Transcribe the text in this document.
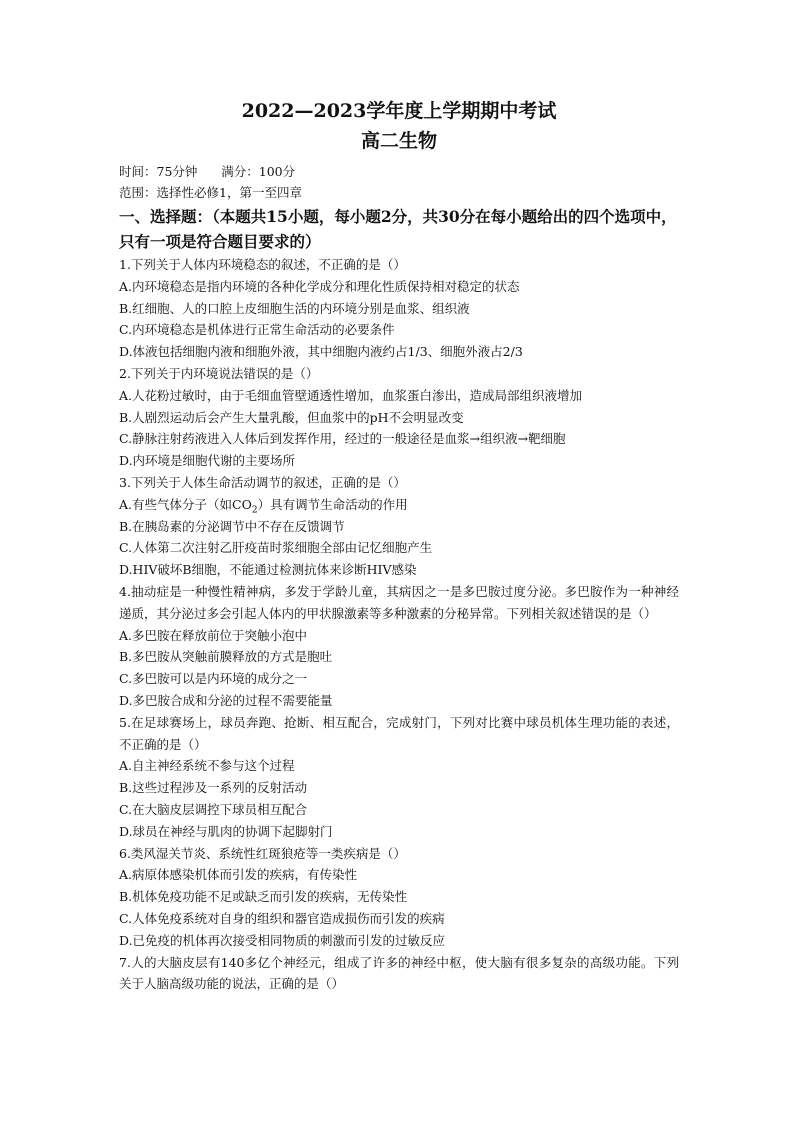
2022—2023学年度上学期期中考试

高二生物

时间：75分钟      满分：100分

范围：选择性必修1，第一至四章

一、选择题：（本题共15小题，每小题2分，共30分在每小题给出的四个选项中，只有一项是符合题目要求的）

1.下列关于人体内环境稳态的叙述，不正确的是（）

A.内环境稳态是指内环境的各种化学成分和理化性质保持相对稳定的状态

B.红细胞、人的口腔上皮细胞生活的内环境分别是血浆、组织液

C.内环境稳态是机体进行正常生命活动的必要条件

D.体液包括细胞内液和细胞外液，其中细胞内液约占1/3、细胞外液占2/3

2.下列关于内环境说法错误的是（）

A.人花粉过敏时，由于毛细血管壁通透性增加，血浆蛋白渗出，造成局部组织液增加

B.人剧烈运动后会产生大量乳酸，但血浆中的pH不会明显改变

C.静脉注射药液进入人体后到发挥作用，经过的一般途径是血浆→组织液→靶细胞

D.内环境是细胞代谢的主要场所

3.下列关于人体生命活动调节的叙述，正确的是（）

A.有些气体分子（如$CO_2$）具有调节生命活动的作用

B.在胰岛素的分泌调节中不存在反馈调节

C.人体第二次注射乙肝疫苗时浆细胞全部由记忆细胞产生

D.HIV破坏B细胞，不能通过检测抗体来诊断HIV感染

4.抽动症是一种慢性精神病，多发于学龄儿童，其病因之一是多巴胺过度分泌。多巴胺作为一种神经递质，其分泌过多会引起人体内的甲状腺激素等多种激素的分秘异常。下列相关叙述错误的是（）

A.多巴胺在释放前位于突触小泡中

B.多巴胺从突触前膜释放的方式是胞吐

C.多巴胺可以是内环境的成分之一

D.多巴胺合成和分泌的过程不需要能量

5.在足球赛场上，球员奔跑、抢断、相互配合，完成射门，下列对比赛中球员机体生理功能的表述，不正确的是（）

A.自主神经系统不参与这个过程

B.这些过程涉及一系列的反射活动

C.在大脑皮层调控下球员相互配合

D.球员在神经与肌肉的协调下起脚射门

6.类风湿关节炎、系统性红斑狼疮等一类疾病是（）

A.病原体感染机体而引发的疾病，有传染性

B.机体免疫功能不足或缺乏而引发的疾病，无传染性

C.人体免疫系统对自身的组织和器官造成损伤而引发的疾病

D.已免疫的机体再次接受相同物质的刺激而引发的过敏反应

7.人的大脑皮层有140多亿个神经元，组成了许多的神经中枢，使大脑有很多复杂的高级功能。下列关于人脑高级功能的说法，正确的是（）
